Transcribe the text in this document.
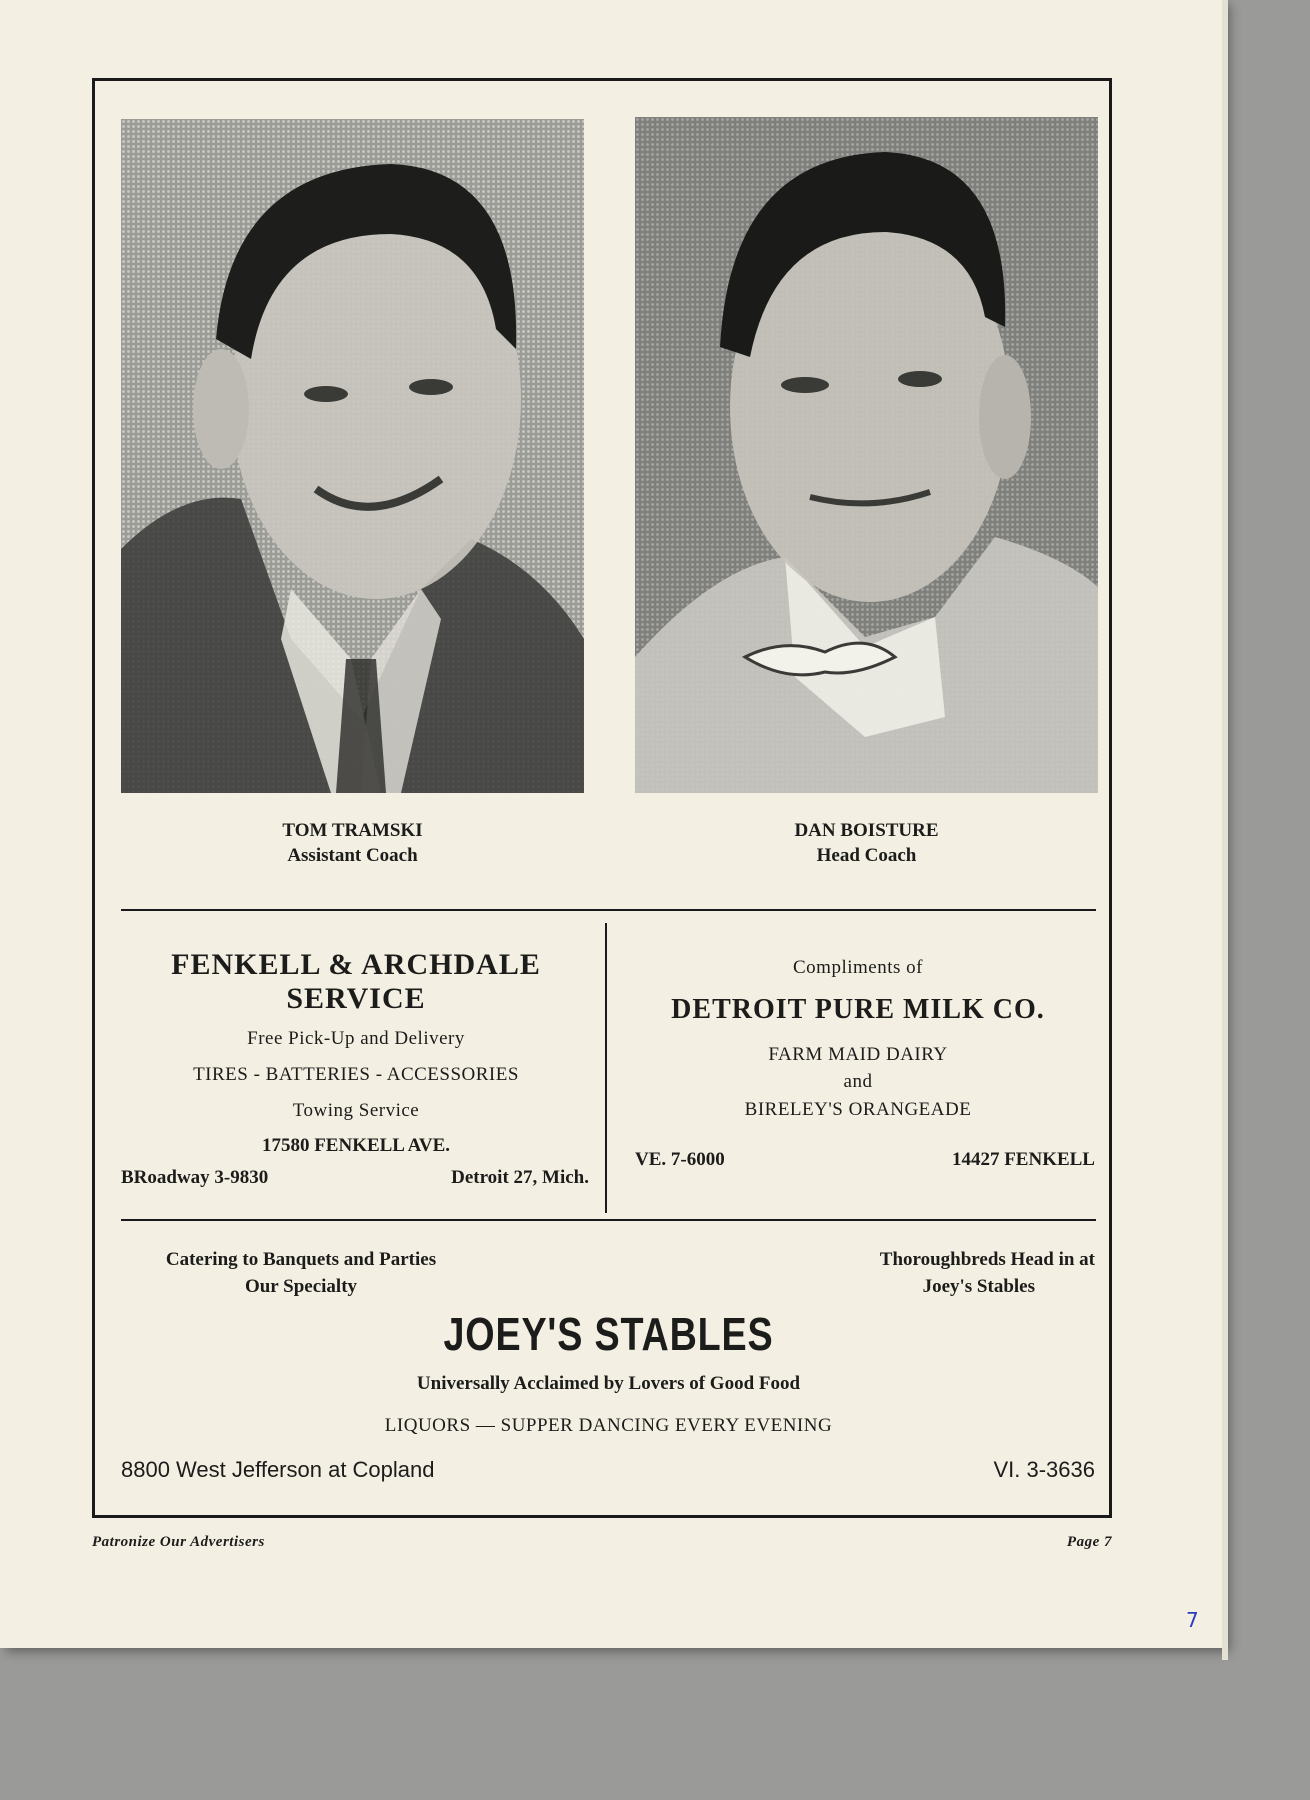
TOM TRAMSKI
Assistant Coach
DAN BOISTURE
Head Coach
FENKELL & ARCHDALE
SERVICE
Free Pick-Up and Delivery
TIRES - BATTERIES - ACCESSORIES
Towing Service
17580 FENKELL AVE.
BRoadway 3-9830	Detroit 27, Mich.
Compliments of
DETROIT PURE MILK CO.
FARM MAID DAIRY
and
BIRELEY'S ORANGEADE
VE. 7-6000	14427 FENKELL
Catering to Banquets and Parties
Our Specialty
Thoroughbreds Head in at
Joey's Stables
JOEY'S STABLES
Universally Acclaimed by Lovers of Good Food
LIQUORS — SUPPER DANCING EVERY EVENING
8800 West Jefferson at Copland	VI. 3-3636
Patronize Our Advertisers	Page 7
7
